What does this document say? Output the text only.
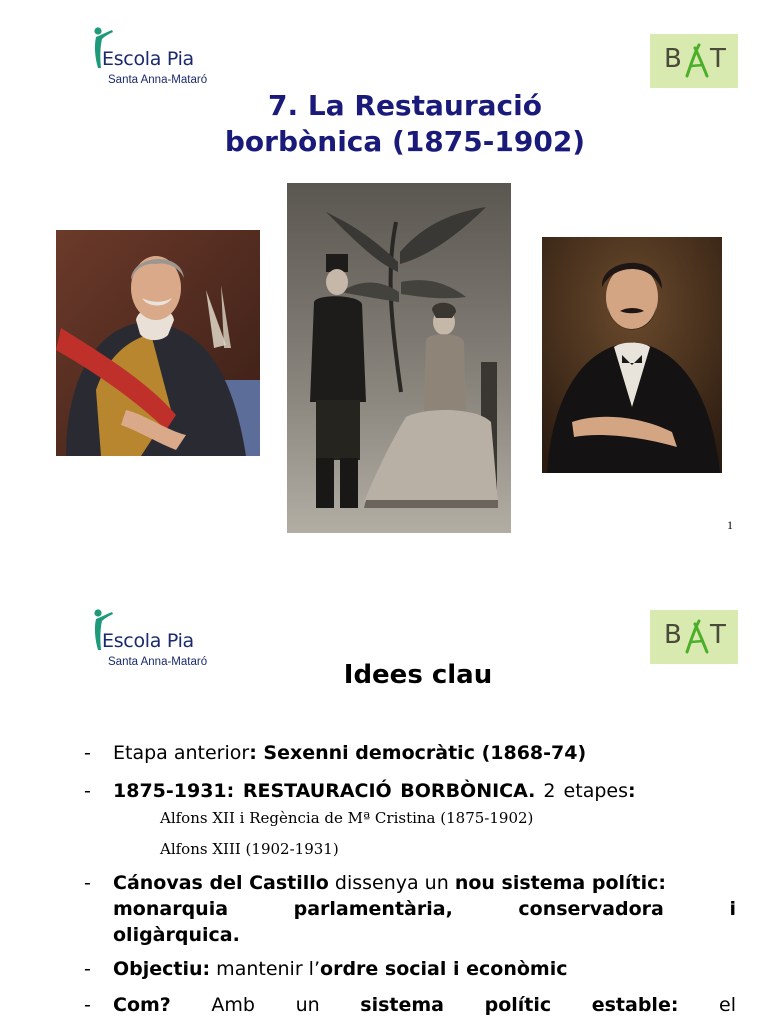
Escola Pia
Santa Anna-Mataró
B T
7. La Restauració
borbònica (1875-1902)
1
Escola Pia
Santa Anna-Mataró
B T
Idees clau
- Etapa anterior: Sexenni democràtic (1868-74)
- 1875-1931: RESTAURACIÓ BORBÒNICA. 2 etapes:
Alfons XII i Regència de Mª Cristina (1875-1902)
Alfons XIII (1902-1931)
- Cánovas del Castillo dissenya un nou sistema polític:
monarquia	parlamentària,	conservadora	i
oligàrquica.
- Objectiu: mantenir l’ordre social i econòmic
- Com? Amb un sistema polític estable: el
